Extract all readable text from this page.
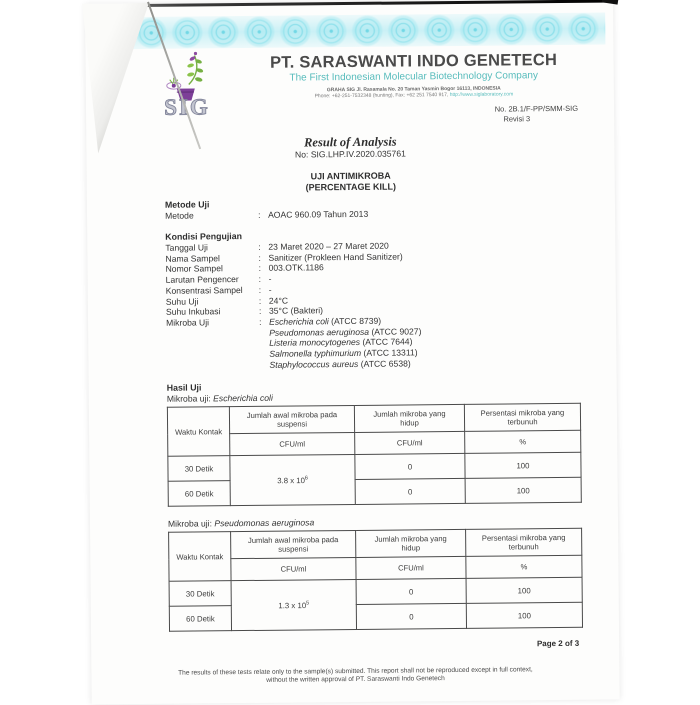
SIG
PT. SARASWANTI INDO GENETECH
The First Indonesian Molecular Biotechnology Company
GRAHA SIG Jl. Rasamala No. 20 Taman Yasmin Bogor 16113, INDONESIA
Phone: +62-251-7532348 (hunting), Fax: +62 251 7540 917, http://www.siglaboratory.com
No. 2B.1/F-PP/SMM-SIG
Revisi 3
Result of Analysis
No: SIG.LHP.IV.2020.035761
UJI ANTIMIKROBA
(PERCENTAGE KILL)
Metode Uji
Metode :	AOAC 960.09 Tahun 2013
Kondisi Pengujian
Tanggal Uji :	23 Maret 2020 – 27 Maret 2020
Nama Sampel :	Sanitizer (Prokleen Hand Sanitizer)
Nomor Sampel :	003.OTK.1186
Larutan Pengencer :	-
Konsentrasi Sampel :	-
Suhu Uji :	24°C
Suhu Inkubasi :	35°C (Bakteri)
Mikroba Uji :	Escherichia coli (ATCC 8739)
Pseudomonas aeruginosa (ATCC 9027)
Listeria monocytogenes (ATCC 7644)
Salmonella typhimurium (ATCC 13311)
Staphylococcus aureus (ATCC 6538)
Hasil Uji
Mikroba uji: Escherichia coli
Waktu Kontak	Jumlah awal mikroba pada suspensi	Jumlah mikroba yang hidup	Persentasi mikroba yang terbunuh
	CFU/ml	CFU/ml	%
30 Detik	3.8 x $10^6$	0	100
60 Detik		0	100
Mikroba uji: Pseudomonas aeruginosa
Waktu Kontak	Jumlah awal mikroba pada suspensi	Jumlah mikroba yang hidup	Persentasi mikroba yang terbunuh
	CFU/ml	CFU/ml	%
30 Detik	1.3 x $10^5$	0	100
60 Detik		0	100
Page 2 of 3
The results of these tests relate only to the sample(s) submitted. This report shall not be reproduced except in full context,
without the written approval of PT. Saraswanti Indo Genetech
